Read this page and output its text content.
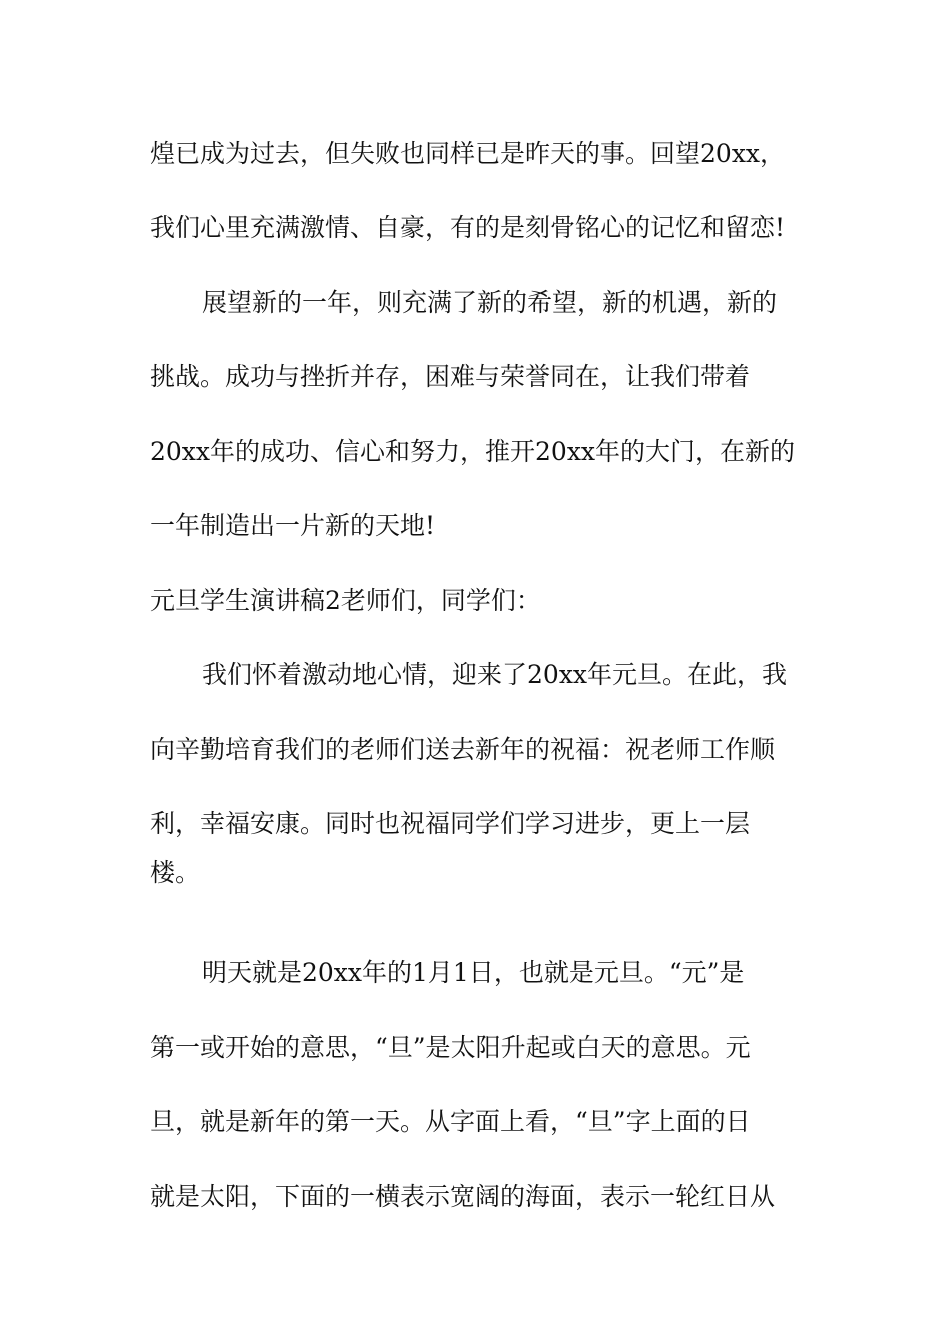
煌已成为过去，但失败也同样已是昨天的事。回望20xx，

我们心里充满激情、自豪，有的是刻骨铭心的记忆和留恋!

展望新的一年，则充满了新的希望，新的机遇，新的

挑战。成功与挫折并存，困难与荣誉同在，让我们带着

20xx年的成功、信心和努力，推开20xx年的大门，在新的

一年制造出一片新的天地!

元旦学生演讲稿2老师们，同学们：

我们怀着激动地心情，迎来了20xx年元旦。在此，我

向辛勤培育我们的老师们送去新年的祝福：祝老师工作顺

利，幸福安康。同时也祝福同学们学习进步，更上一层

楼。

明天就是20xx年的1月1日，也就是元旦。“元”是

第一或开始的意思，“旦”是太阳升起或白天的意思。元

旦，就是新年的第一天。从字面上看，“旦”字上面的日

就是太阳，下面的一横表示宽阔的海面，表示一轮红日从
